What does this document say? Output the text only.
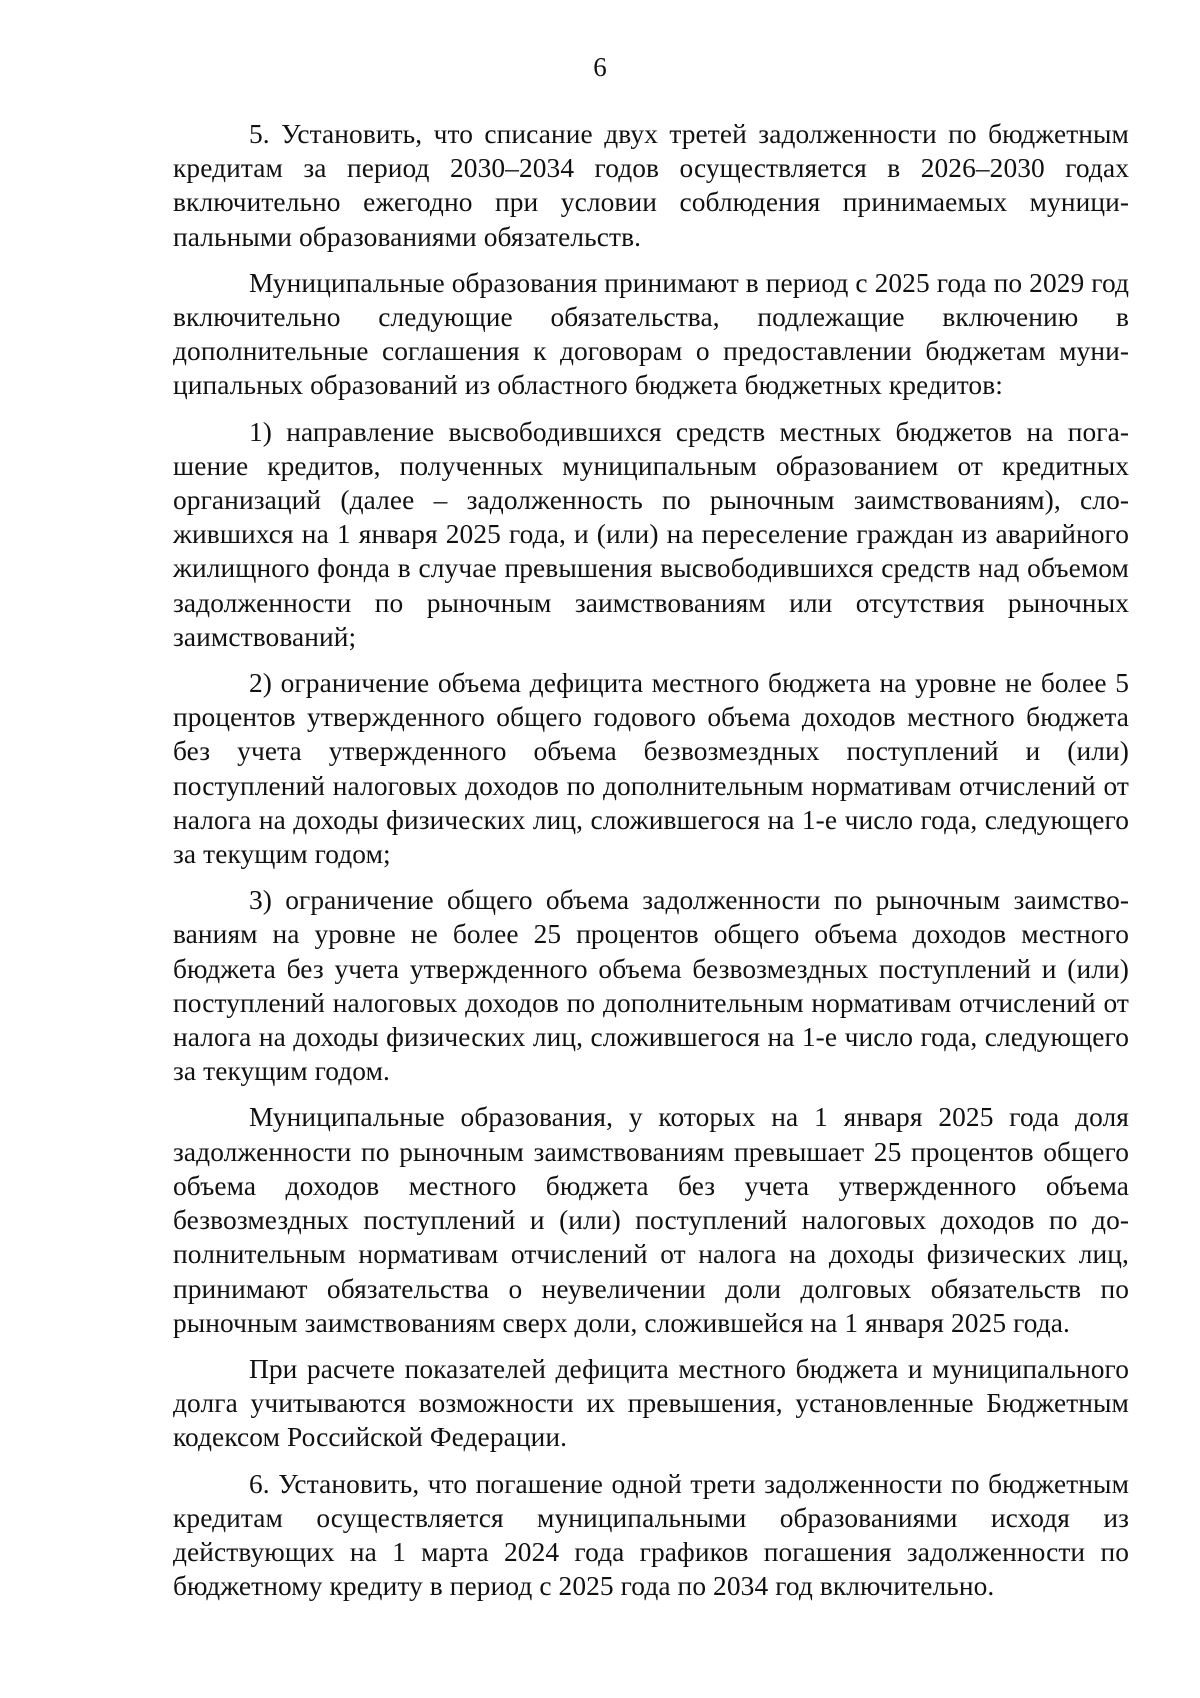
6

5. Установить, что списание двух третей задолженности по бюджетным кредитам за период 2030–2034 годов осуществляется в 2026–2030 годах включительно ежегодно при условии соблюдения принимаемых муниципальными образованиями обязательств.

Муниципальные образования принимают в период с 2025 года по 2029 год включительно следующие обязательства, подлежащие включению в дополнительные соглашения к договорам о предоставлении бюджетам муниципальных образований из областного бюджета бюджетных кредитов:

1) направление высвободившихся средств местных бюджетов на погашение кредитов, полученных муниципальным образованием от кредитных организаций (далее – задолженность по рыночным заимствованиям), сложившихся на 1 января 2025 года, и (или) на переселение граждан из аварийного жилищного фонда в случае превышения высвободившихся средств над объемом задолженности по рыночным заимствованиям или отсутствия рыночных заимствований;

2) ограничение объема дефицита местного бюджета на уровне не более 5 процентов утвержденного общего годового объема доходов местного бюджета без учета утвержденного объема безвозмездных поступлений и (или) поступлений налоговых доходов по дополнительным нормативам отчислений от налога на доходы физических лиц, сложившегося на 1-е число года, следующего за текущим годом;

3) ограничение общего объема задолженности по рыночным заимствованиям на уровне не более 25 процентов общего объема доходов местного бюджета без учета утвержденного объема безвозмездных поступлений и (или) поступлений налоговых доходов по дополнительным нормативам отчислений от налога на доходы физических лиц, сложившегося на 1-е число года, следующего за текущим годом.

Муниципальные образования, у которых на 1 января 2025 года доля задолженности по рыночным заимствованиям превышает 25 процентов общего объема доходов местного бюджета без учета утвержденного объема безвозмездных поступлений и (или) поступлений налоговых доходов по дополнительным нормативам отчислений от налога на доходы физических лиц, принимают обязательства о неувеличении доли долговых обязательств по рыночным заимствованиям сверх доли, сложившейся на 1 января 2025 года.

При расчете показателей дефицита местного бюджета и муниципального долга учитываются возможности их превышения, установленные Бюджетным кодексом Российской Федерации.

6. Установить, что погашение одной трети задолженности по бюджетным кредитам осуществляется муниципальными образованиями исходя из действующих на 1 марта 2024 года графиков погашения задолженности по бюджетному кредиту в период с 2025 года по 2034 год включительно.
